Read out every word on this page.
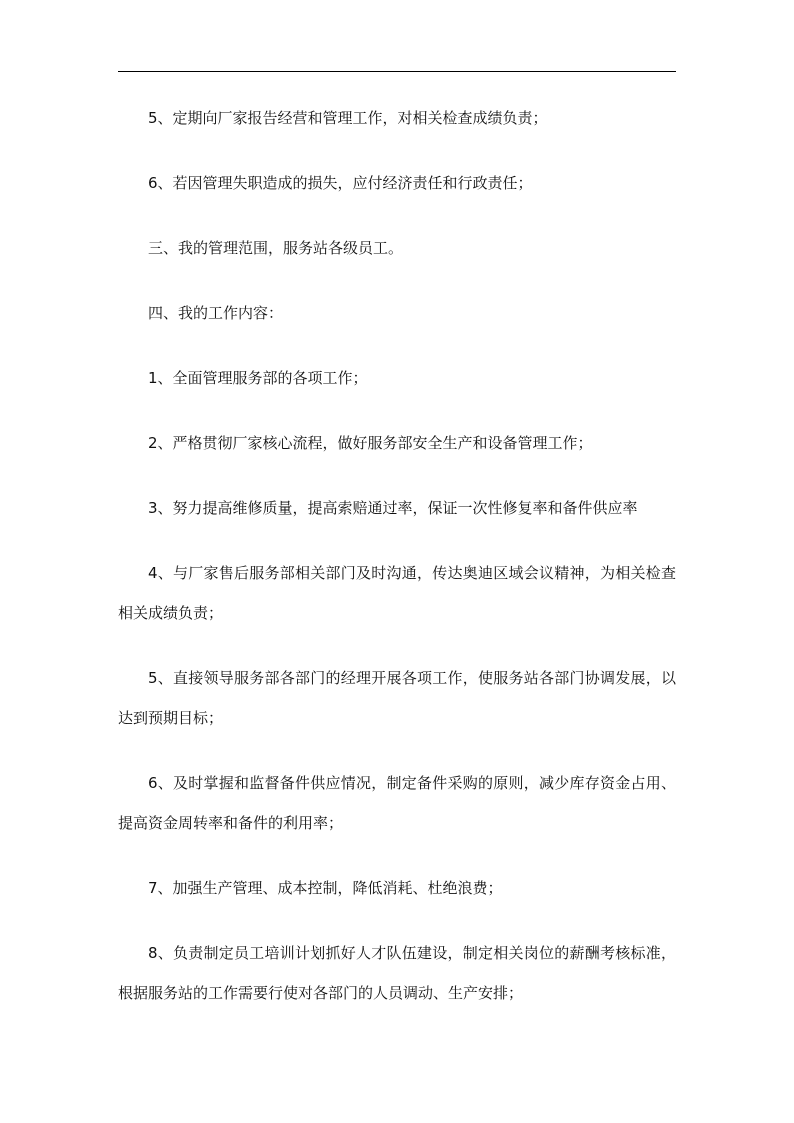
5、定期向厂家报告经营和管理工作，对相关检查成绩负责；

6、若因管理失职造成的损失，应付经济责任和行政责任；

三、我的管理范围，服务站各级员工。

四、我的工作内容：

1、全面管理服务部的各项工作；

2、严格贯彻厂家核心流程，做好服务部安全生产和设备管理工作；

3、努力提高维修质量，提高索赔通过率，保证一次性修复率和备件供应率

4、与厂家售后服务部相关部门及时沟通，传达奥迪区域会议精神，为相关检查相关成绩负责；

5、直接领导服务部各部门的经理开展各项工作，使服务站各部门协调发展，以达到预期目标；

6、及时掌握和监督备件供应情况，制定备件采购的原则，减少库存资金占用、提高资金周转率和备件的利用率；

7、加强生产管理、成本控制，降低消耗、杜绝浪费；

8、负责制定员工培训计划抓好人才队伍建设，制定相关岗位的薪酬考核标准，根据服务站的工作需要行使对各部门的人员调动、生产安排；
